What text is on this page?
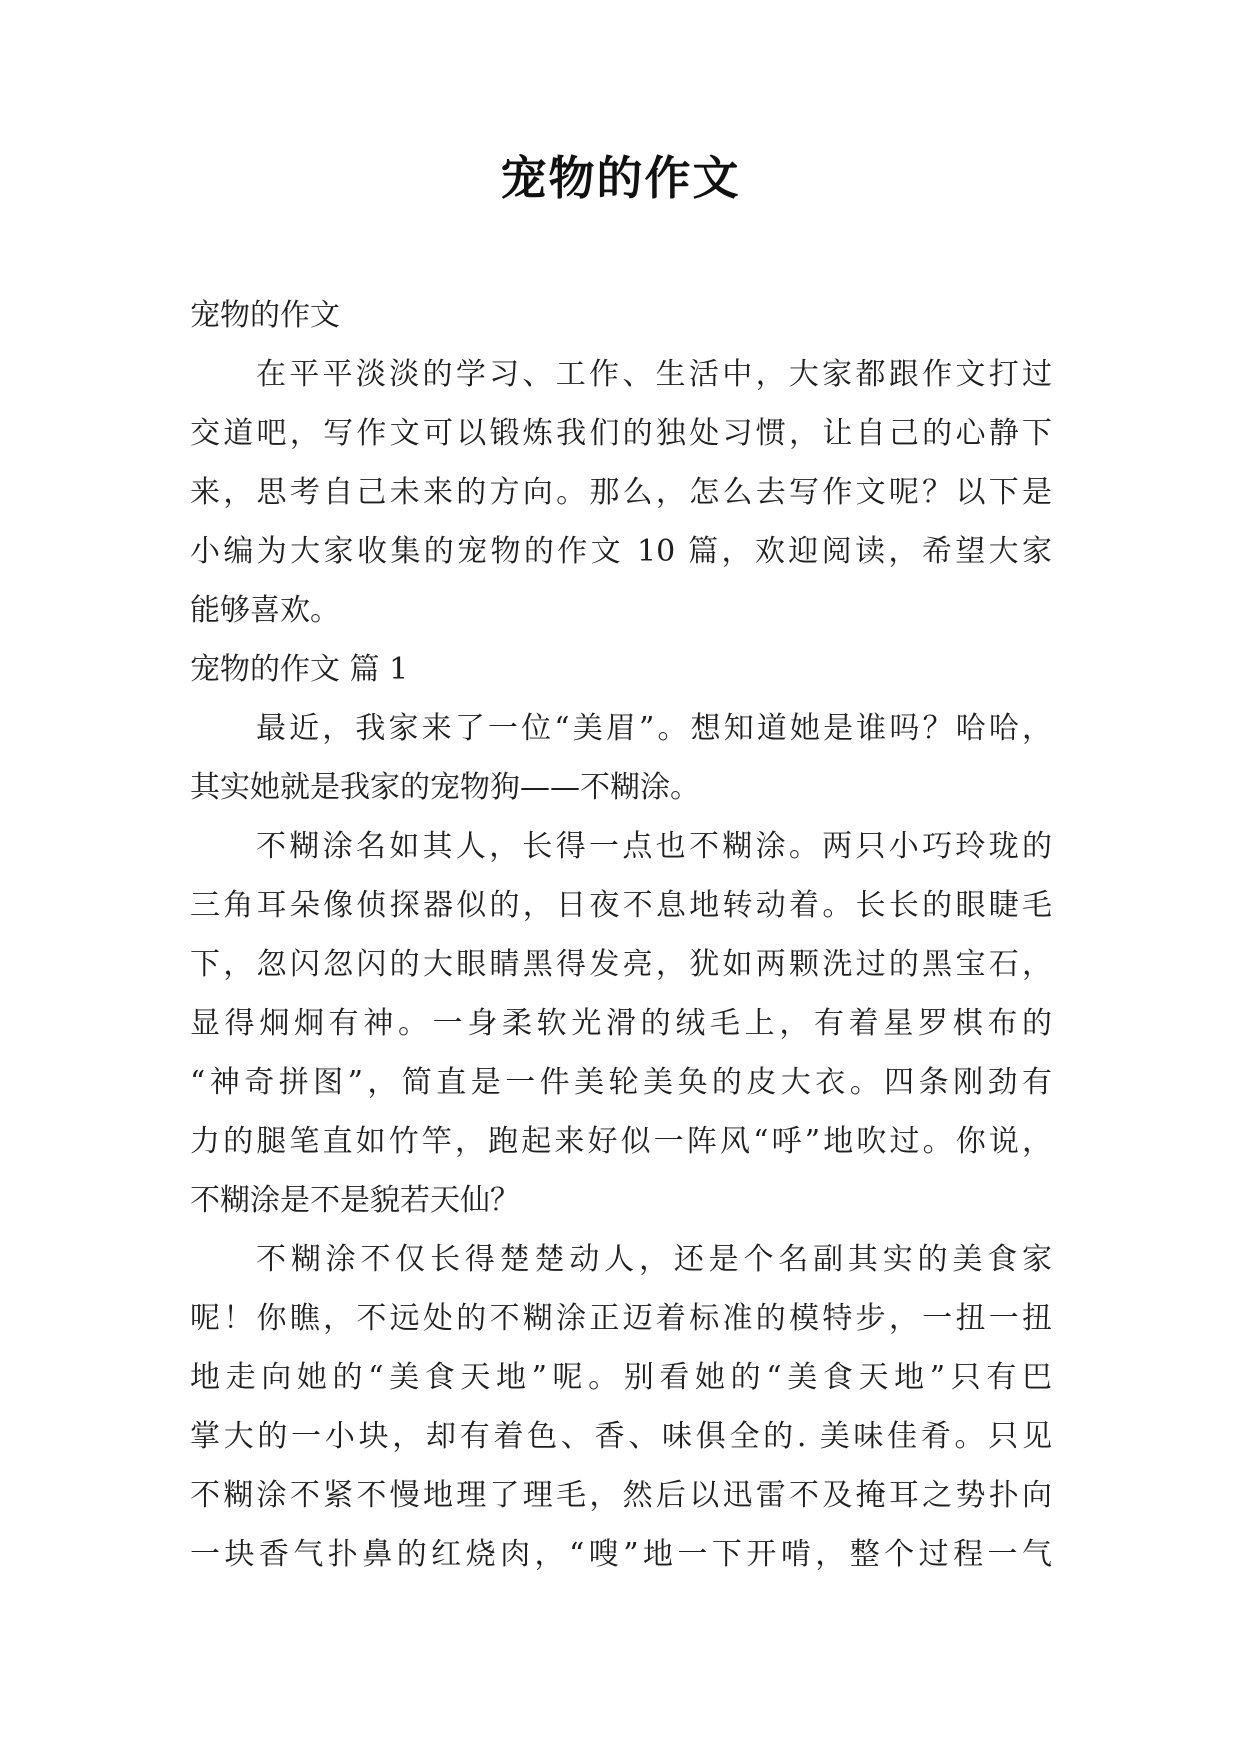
宠物的作文
宠物的作文
在平平淡淡的学习、工作、生活中，大家都跟作文打过
交道吧，写作文可以锻炼我们的独处习惯，让自己的心静下
来，思考自己未来的方向。那么，怎么去写作文呢？以下是
小编为大家收集的宠物的作文 10 篇，欢迎阅读，希望大家
能够喜欢。
宠物的作文 篇 1
最近，我家来了一位“美眉”。想知道她是谁吗？哈哈，
其实她就是我家的宠物狗——不糊涂。
不糊涂名如其人，长得一点也不糊涂。两只小巧玲珑的
三角耳朵像侦探器似的，日夜不息地转动着。长长的眼睫毛
下，忽闪忽闪的大眼睛黑得发亮，犹如两颗洗过的黑宝石，
显得炯炯有神。一身柔软光滑的绒毛上，有着星罗棋布的
“神奇拼图”，简直是一件美轮美奂的皮大衣。四条刚劲有
力的腿笔直如竹竿，跑起来好似一阵风“呼”地吹过。你说，
不糊涂是不是貌若天仙？
不糊涂不仅长得楚楚动人，还是个名副其实的美食家
呢！你瞧，不远处的不糊涂正迈着标准的模特步，一扭一扭
地走向她的“美食天地”呢。别看她的“美食天地”只有巴
掌大的一小块，却有着色、香、味俱全的. 美味佳肴。只见
不糊涂不紧不慢地理了理毛，然后以迅雷不及掩耳之势扑向
一块香气扑鼻的红烧肉，“嗖”地一下开啃，整个过程一气
